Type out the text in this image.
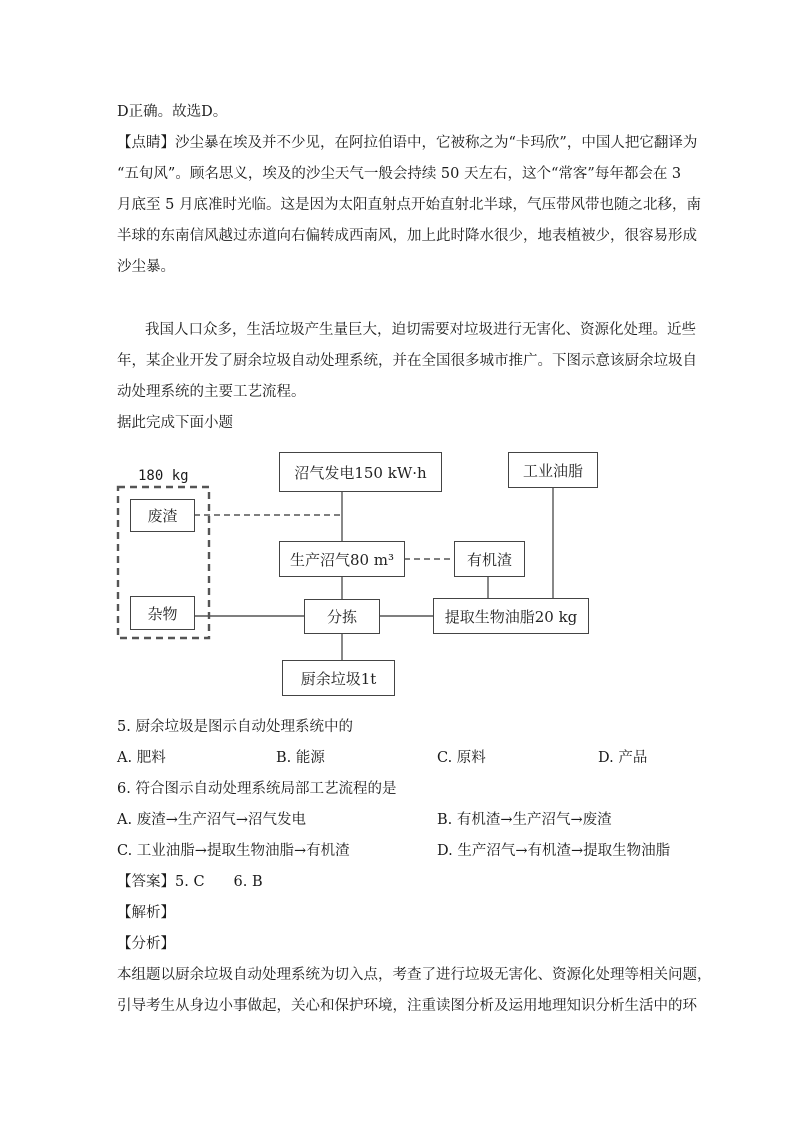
D正确。故选D。
【点睛】沙尘暴在埃及并不少见，在阿拉伯语中，它被称之为“卡玛欣”，中国人把它翻译为
“五旬风”。顾名思义，埃及的沙尘天气一般会持续 50 天左右，这个“常客”每年都会在 3
月底至 5 月底准时光临。这是因为太阳直射点开始直射北半球，气压带风带也随之北移，南
半球的东南信风越过赤道向右偏转成西南风，加上此时降水很少，地表植被少，很容易形成
沙尘暴。
我国人口众多，生活垃圾产生量巨大，迫切需要对垃圾进行无害化、资源化处理。近些
年，某企业开发了厨余垃圾自动处理系统，并在全国很多城市推广。下图示意该厨余垃圾自
动处理系统的主要工艺流程。
据此完成下面小题
180 kg
废渣
杂物
沼气发电150 kW·h	工业油脂
生产沼气80 m³	有机渣
分拣	提取生物油脂20 kg
厨余垃圾1t
5. 厨余垃圾是图示自动处理系统中的
A. 肥料	B. 能源	C. 原料	D. 产品
6. 符合图示自动处理系统局部工艺流程的是
A. 废渣→生产沼气→沼气发电	B. 有机渣→生产沼气→废渣
C. 工业油脂→提取生物油脂→有机渣	D. 生产沼气→有机渣→提取生物油脂
【答案】5. C　　6. B
【解析】
【分析】
本组题以厨余垃圾自动处理系统为切入点，考查了进行垃圾无害化、资源化处理等相关问题，
引导考生从身边小事做起，关心和保护环境，注重读图分析及运用地理知识分析生活中的环
